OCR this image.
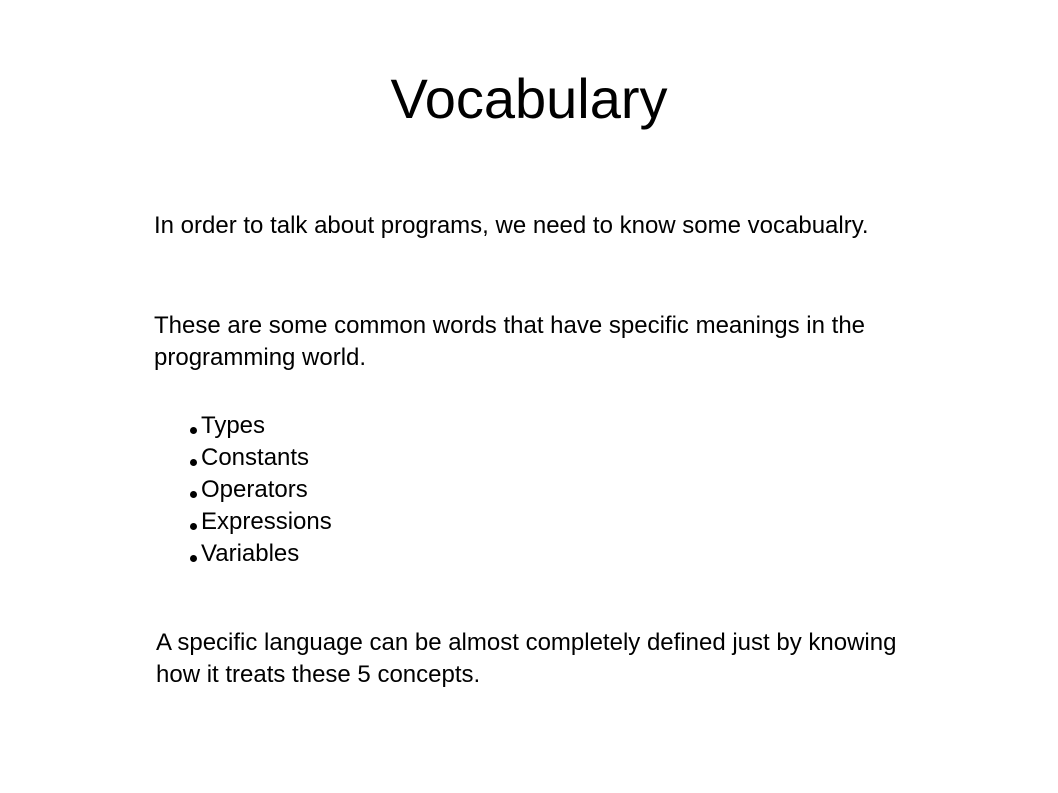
Vocabulary

In order to talk about programs, we need to know some vocabualry.

These are some common words that have specific meanings in the programming world.

Types
Constants
Operators
Expressions
Variables

A specific language can be almost completely defined just by knowing how it treats these 5 concepts.
